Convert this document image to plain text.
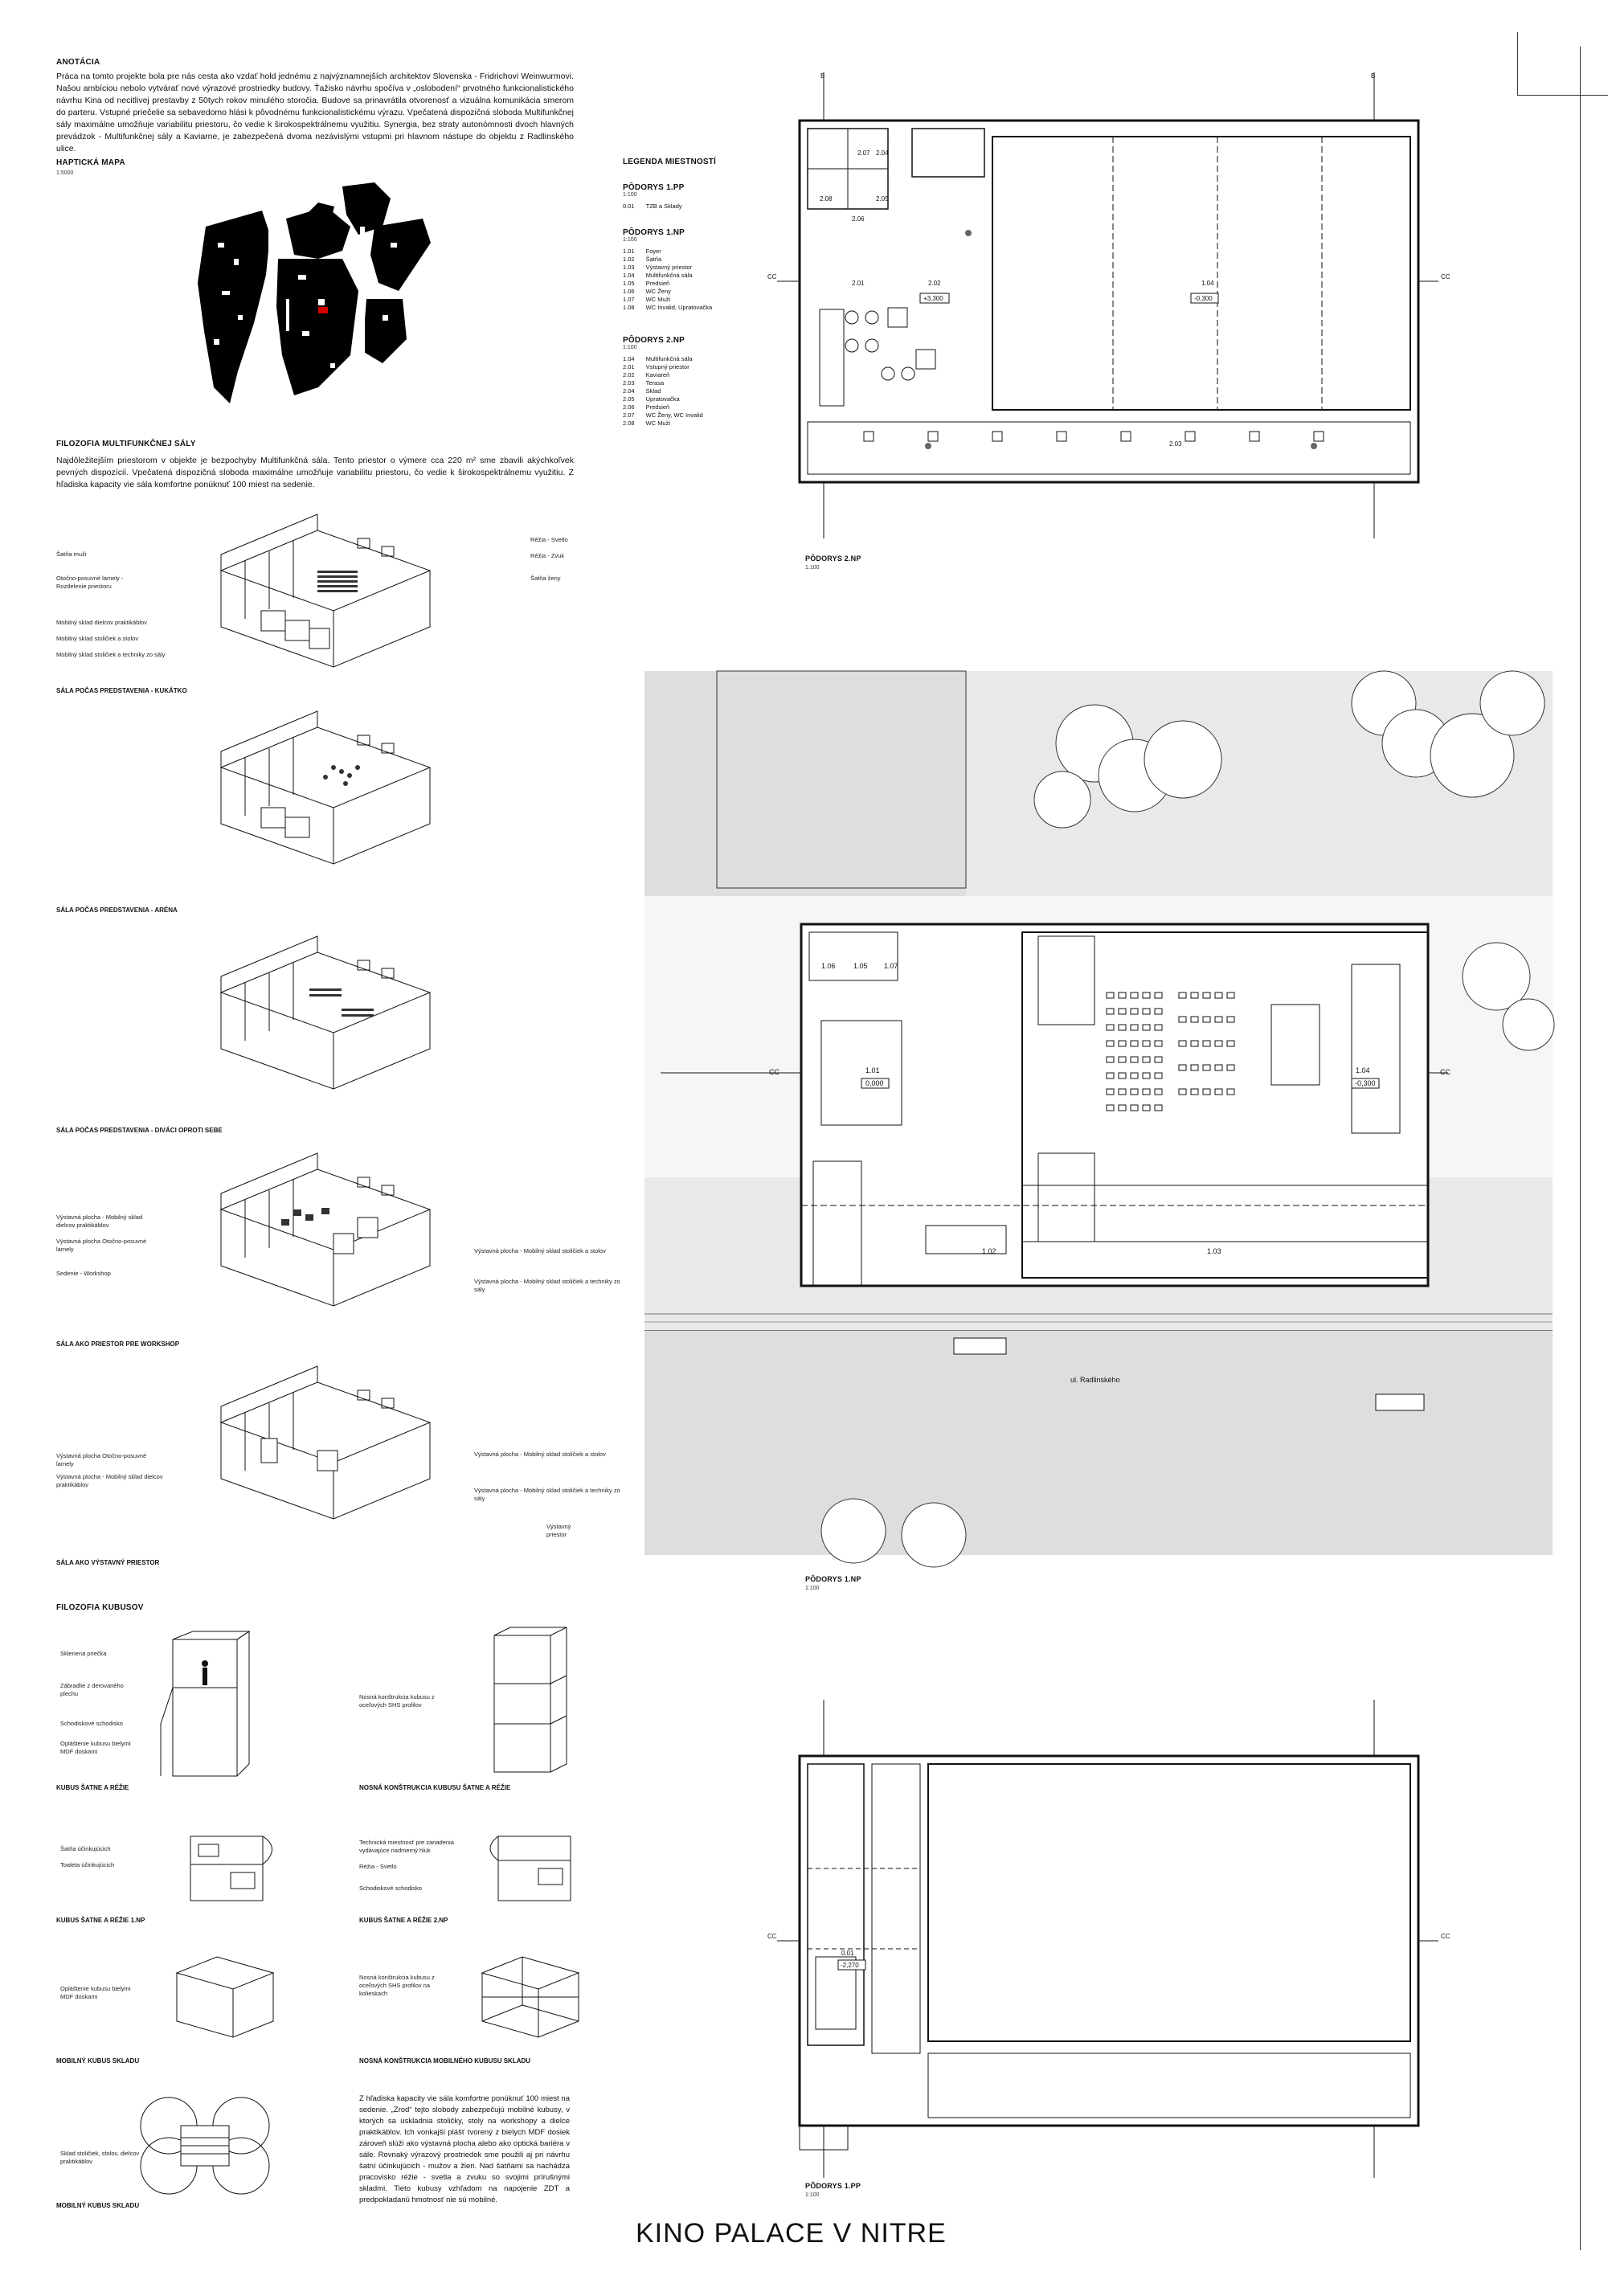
ANOTÁCIA
Práca na tomto projekte bola pre nás cesta ako vzdať hold jednému z najvýznamnejších architektov Slovenska - Fridrichovi Weinwurmovi. Našou ambíciou nebolo vytvárať nové výrazové prostriedky budovy. Ťažisko návrhu spočíva v „oslobodení“ prvotného funkcionalistického návrhu Kina od necitlivej prestavby z 50tych rokov minulého storočia. Budove sa prinavrátila otvorenosť a vizuálna komunikácia smerom do parteru. Vstupné priečelie sa sebavedomo hlási k pôvodnému funkcionalistickému výrazu. Vpečatená dispozičná sloboda Multifunkčnej sály maximálne umožňuje variabilitu priestoru, čo vedie k širokospektrálnemu využitiu. Synergia, bez straty autonómnosti dvoch hlavných prevádzok - Multifunkčnej sály a Kaviarne, je zabezpečená dvoma nezávislými vstupmi pri hlavnom nástupe do objektu z Radlinského ulice.
HAPTICKÁ MAPA
1:5000
FILOZOFIA MULTIFUNKČNEJ SÁLY
Najdôležitejším priestorom v objekte je bezpochyby Multifunkčná sála. Tento priestor o výmere cca 220 m² sme zbavili akýchkoľvek pevných dispozícií. Vpečatená dispozičná sloboda maximálne umožňuje variabilitu priestoru, čo vedie k širokospektrálnemu využitiu. Z hľadiska kapacity vie sála komfortne ponúknuť 100 miest na sedenie.
Šatňa muži
Otočno-posuvné lamely - Rozdelenie priestoru
Mobilný sklad dielcov praktikáblov
Mobilný sklad stoličiek a stolov
Mobilný sklad stoličiek a techniky zo sály
Réžia - Svetlo
Réžia - Zvuk
Šatňa ženy
SÁLA POČAS PREDSTAVENIA - KUKÁTKO
SÁLA POČAS PREDSTAVENIA - ARÉNA
SÁLA POČAS PREDSTAVENIA - DIVÁCI OPROTI SEBE
Výstavná plocha - Mobilný sklad dielcov praktikáblov
Výstavná plocha Otočno-posuvné lamely
Sedenie - Workshop
Výstavná plocha - Mobilný sklad stoličiek a stolov
Výstavná plocha - Mobilný sklad stoličiek a techniky zo sály
SÁLA AKO PRIESTOR PRE WORKSHOP
Výstavná plocha Otočno-posuvné lamely
Výstavná plocha - Mobilný sklad dielcov praktikáblov
Výstavná plocha - Mobilný sklad stoličiek a stolov
Výstavná plocha - Mobilný sklad stoličiek a techniky zo sály
Výstavný priestor
SÁLA AKO VÝSTAVNÝ PRIESTOR
FILOZOFIA KUBUSOV
Sklenená priečka
Zábradlie z derovaného plechu
Schodiskové schodisko
Opláštenie kubusu bielymi MDF doskami
KUBUS ŠATNE A RÉŽIE
Nosná konštrukcia kubusu z oceľových SHS profilov
NOSNÁ KONŠTRUKCIA KUBUSU ŠATNE A RÉŽIE
Šatňa účinkujúcich
Toaleta účinkujúcich
KUBUS ŠATNE A RÉŽIE 1.NP
Technická miestnosť pre zariadenia vydávajúce nadmerný hluk
Réžia - Svetlo
Schodiskové schodisko
KUBUS ŠATNE A RÉŽIE 2.NP
Opláštenie kubusu bielymi MDF doskami
MOBILNÝ KUBUS SKLADU
Nosná konštrukcia kubusu z oceľových SHS profilov na kolieskach
NOSNÁ KONŠTRUKCIA MOBILNÉHO KUBUSU SKLADU
Sklad stoličiek, stolov, dielcov praktikáblov
MOBILNÝ KUBUS SKLADU
Z hľadiska kapacity vie sála komfortne ponúknuť 100 miest na sedenie. „Zrod“ tejto slobody zabezpečujú mobilné kubusy, v ktorých sa uskladnia stoličky, stoly na workshopy a dielce praktikáblov. Ich vonkajší plášť tvorený z bielych MDF dosiek zároveň slúži ako výstavná plocha alebo ako optická bariéra v sále. Rovnaký výrazový prostriedok sme použili aj pri návrhu šatní účinkujúcich - mužov a žien. Nad šatňami sa nachádza pracovisko réžie - svetla a zvuku so svojimi prírušnými skladmi. Tieto kubusy vzhľadom na napojenie ZDT a predpokladanú hmotnosť nie sú mobilné.
LEGENDA MIESTNOSTÍ
PÔDORYS 1.PP
1:100
0.01	TZB a Sklady
PÔDORYS 1.NP
1:100
1.01	Foyer
1.02	Šatňa
1.03	Výstavný priestor
1.04	Multifunkčná sála
1.05	Predsieň
1.06	WC Ženy
1.07	WC Muži
1.08	WC Invalid, Upratovačka
PÔDORYS 2.NP
1:100
1.04	Multifunkčná sála
2.01	Vstupný priestor
2.02	Kaviareň
2.03	Terasa
2.04	Sklad
2.05	Upratovačka
2.06	Predsieň
2.07	WC Ženy, WC Invalid
2.08	WC Muži
2.07 2.04
2.08	2.05
2.06
2.01	2.02	1.04
2.03
+3,300	-0,300
CC	CC
B	B
PÔDORYS 2.NP
1:100
1.06 1.05 1.07
1.01
0,000
1.04
-0,300
1.02	1.03
ul. Radlinského
CC	CC
PÔDORYS 1.NP
1:100
0.01
-2,270
CC	CC
PÔDORYS 1.PP
1:100
KINO PALACE V NITRE
